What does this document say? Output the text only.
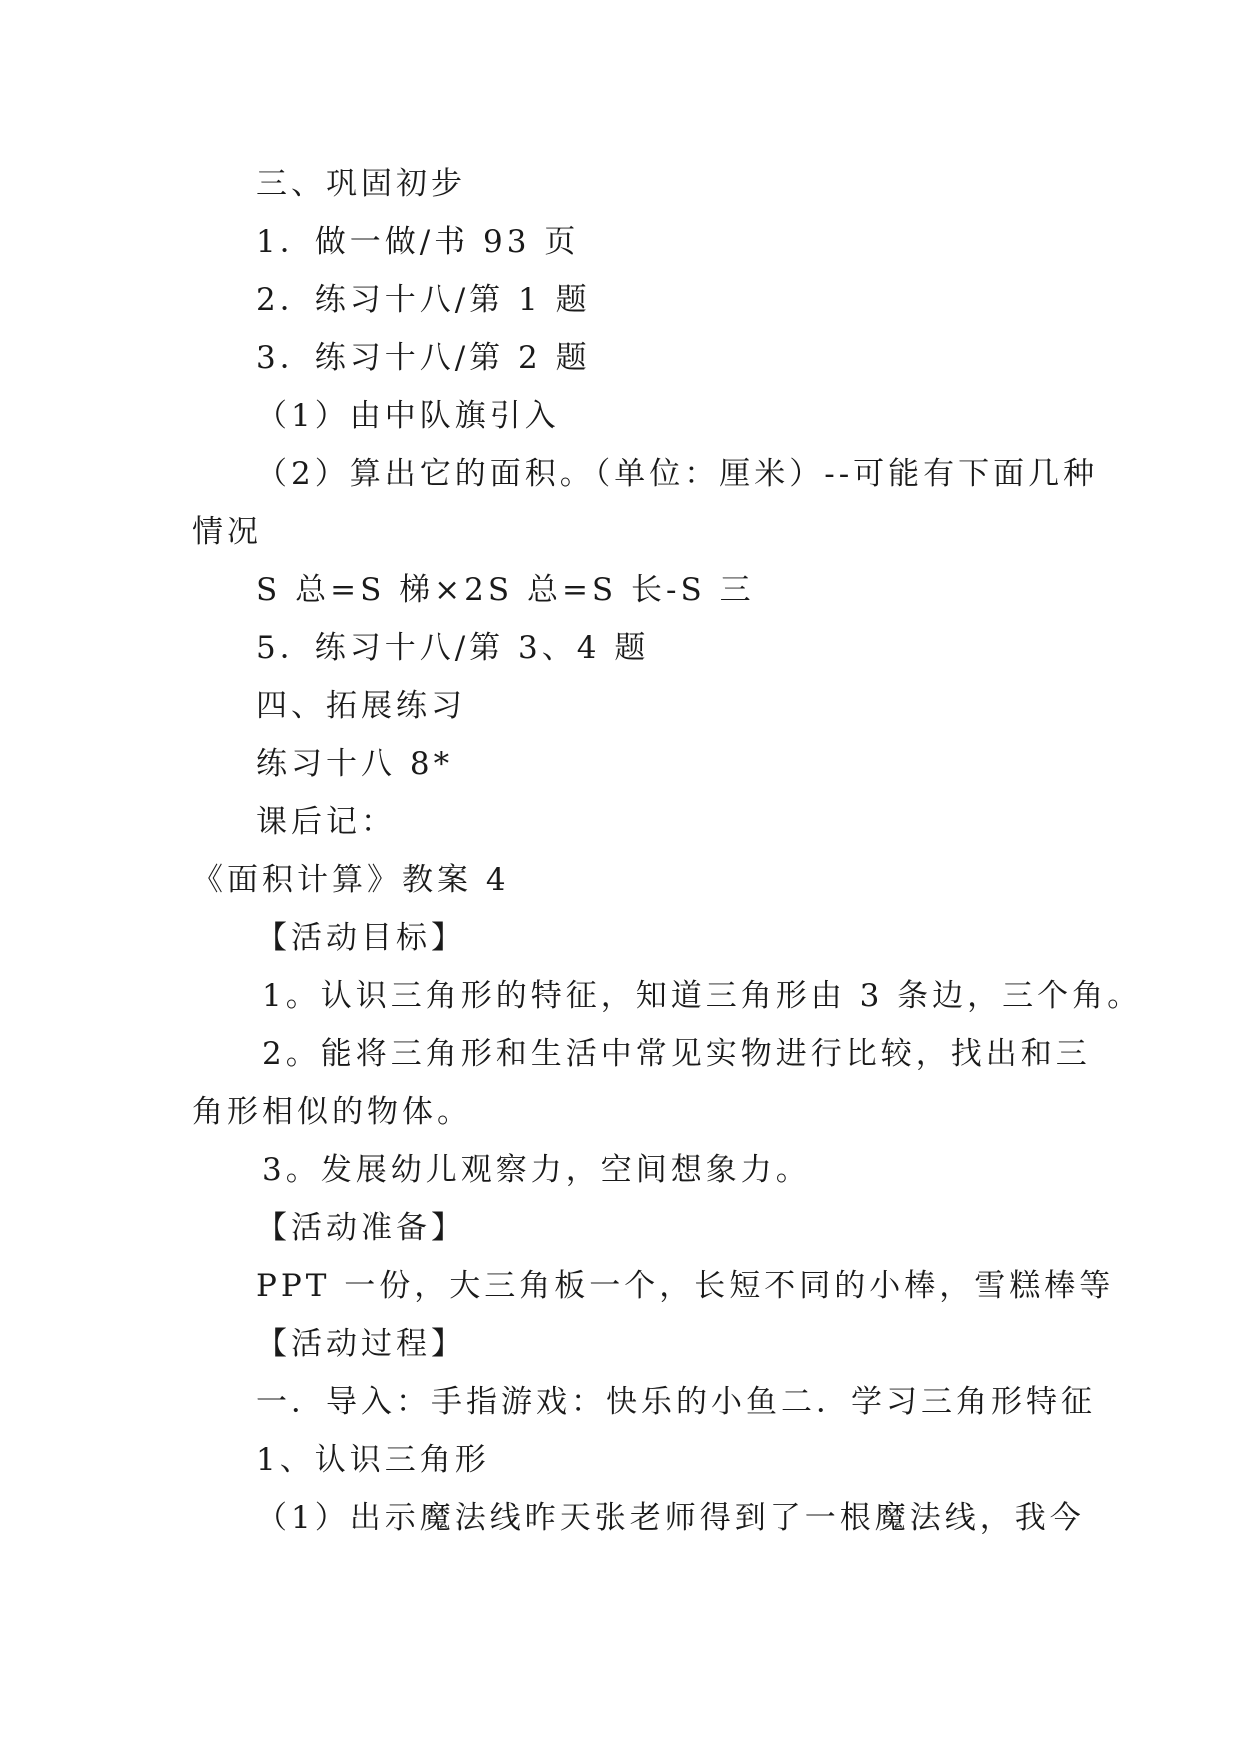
三、巩固初步
1．做一做/书 93 页
2．练习十八/第 1 题
3．练习十八/第 2 题
（1）由中队旗引入
（2）算出它的面积。（单位：厘米）--可能有下面几种
情况
S 总=S 梯×2S 总=S 长-S 三
5．练习十八/第 3、4 题
四、拓展练习
练习十八 8*
课后记：
《面积计算》教案 4
【活动目标】
1。认识三角形的特征，知道三角形由 3 条边，三个角。
2。能将三角形和生活中常见实物进行比较，找出和三
角形相似的物体。
3。发展幼儿观察力，空间想象力。
【活动准备】
PPT 一份，大三角板一个，长短不同的小棒，雪糕棒等
【活动过程】
一．导入：手指游戏：快乐的小鱼二．学习三角形特征
1、认识三角形
（1）出示魔法线昨天张老师得到了一根魔法线，我今
